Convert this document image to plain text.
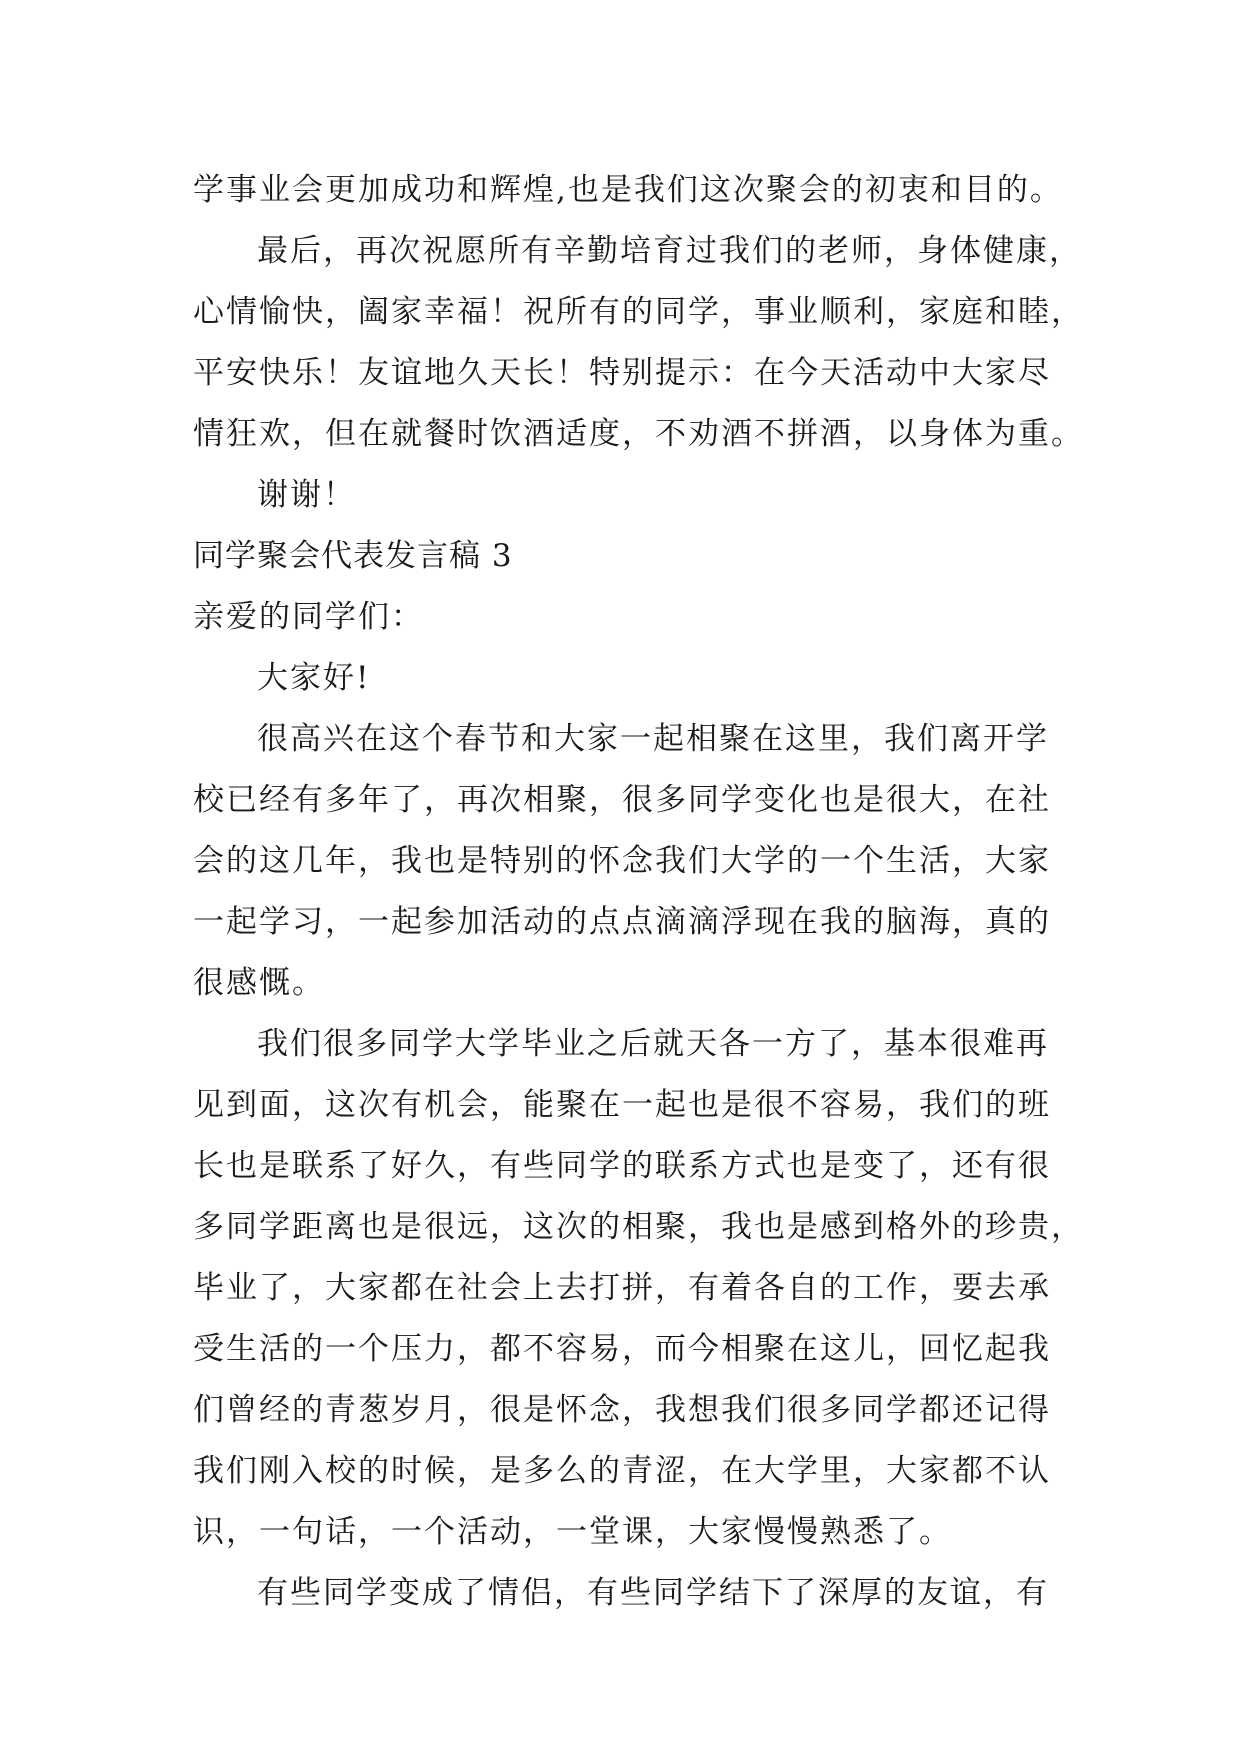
学事业会更加成功和辉煌,也是我们这次聚会的初衷和目的。
最后，再次祝愿所有辛勤培育过我们的老师，身体健康，
心情愉快，阖家幸福！祝所有的同学，事业顺利，家庭和睦，
平安快乐！友谊地久天长！特别提示：在今天活动中大家尽
情狂欢，但在就餐时饮酒适度，不劝酒不拼酒，以身体为重。
谢谢！
同学聚会代表发言稿 3
亲爱的同学们：
大家好!
很高兴在这个春节和大家一起相聚在这里，我们离开学
校已经有多年了，再次相聚，很多同学变化也是很大，在社
会的这几年，我也是特别的怀念我们大学的一个生活，大家
一起学习，一起参加活动的点点滴滴浮现在我的脑海，真的
很感慨。
我们很多同学大学毕业之后就天各一方了，基本很难再
见到面，这次有机会，能聚在一起也是很不容易，我们的班
长也是联系了好久，有些同学的联系方式也是变了，还有很
多同学距离也是很远，这次的相聚，我也是感到格外的珍贵，
毕业了，大家都在社会上去打拼，有着各自的工作，要去承
受生活的一个压力，都不容易，而今相聚在这儿，回忆起我
们曾经的青葱岁月，很是怀念，我想我们很多同学都还记得
我们刚入校的时候，是多么的青涩，在大学里，大家都不认
识，一句话，一个活动，一堂课，大家慢慢熟悉了。
有些同学变成了情侣，有些同学结下了深厚的友谊，有
